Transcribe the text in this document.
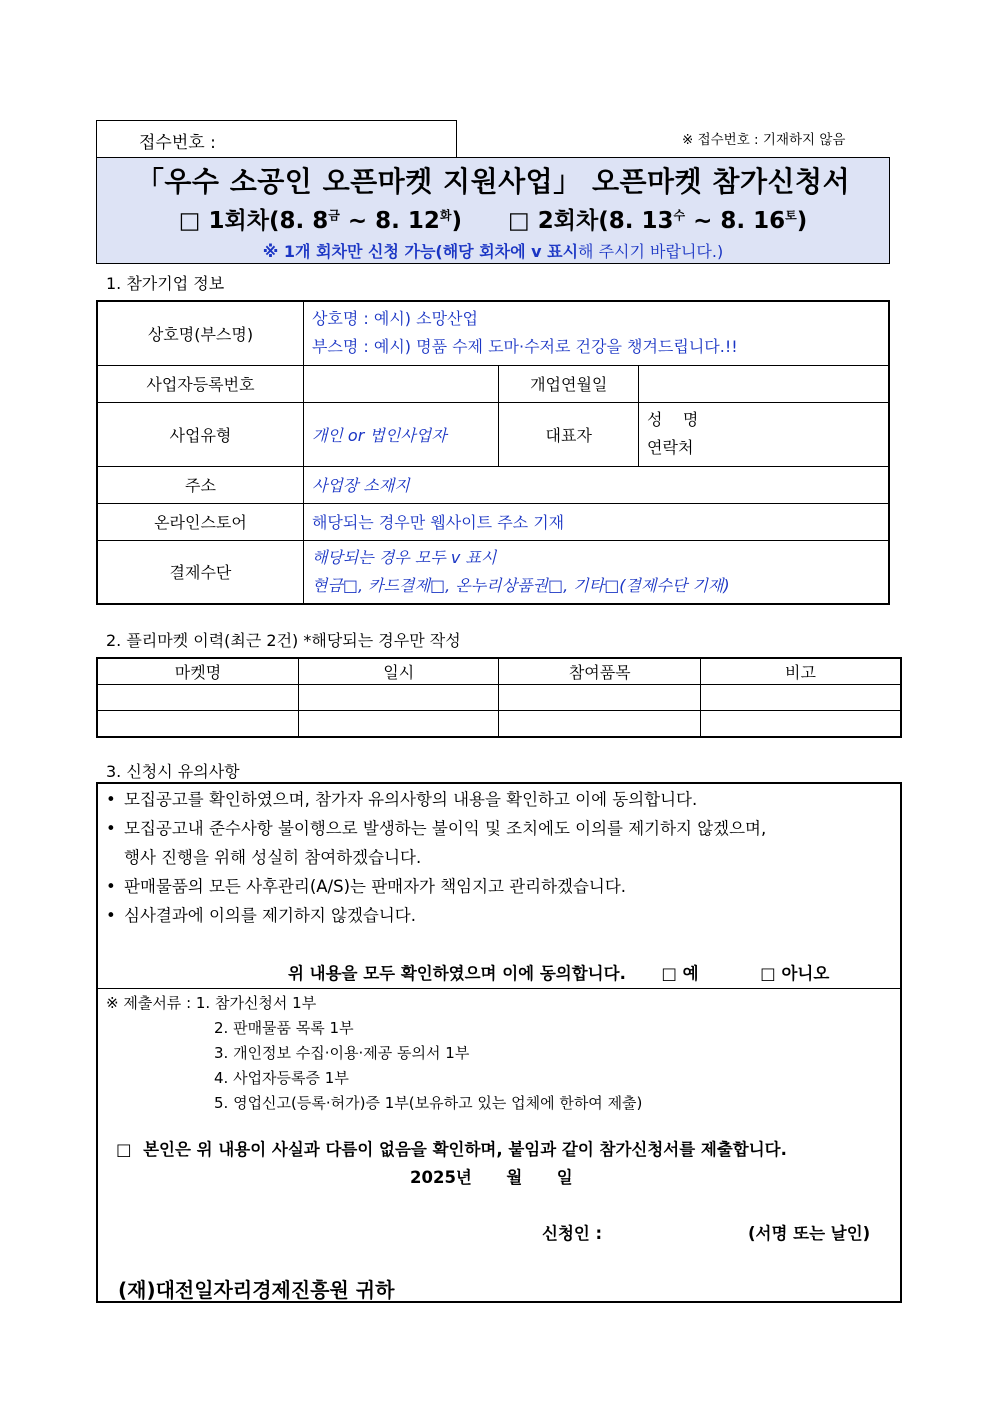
접수번호 :	※ 접수번호 : 기재하지 않음
「우수 소공인 오픈마켓 지원사업」 오픈마켓 참가신청서
□ 1회차(8. $8^금$ ~ 8. $12^화$) □ 2회차(8. $13^수$ ~ 8. $16^토$)
※ 1개 회차만 신청 가능(해당 회차에 v 표시해 주시기 바랍니다.)
1. 참가기업 정보
상호명(부스명)	상호명 : 예시) 소망산업
부스명 : 예시) 명품 수제 도마·수저로 건강을 챙겨드립니다.!!		

사업자등록번호		개업연월일	
사업유형	개인 or 법인사업자	대표자	성    명
연락처

주소	사업장 소재지		
온라인스토어	해당되는 경우만 웹사이트 주소 기재		
결제수단	해당되는 경우 모두 v 표시
현금□, 카드결제□, 온누리상품권□, 기타□(결제수단 기재)		
2. 플리마켓 이력(최근 2건) *해당되는 경우만 작성
마켓명	일시	참여품목	비고

3. 신청시 유의사항
• 모집공고를 확인하였으며, 참가자 유의사항의 내용을 확인하고 이에 동의합니다.
• 모집공고내 준수사항 불이행으로 발생하는 불이익 및 조치에도 이의를 제기하지 않겠으며,
행사 진행을 위해 성실히 참여하겠습니다.
• 판매물품의 모든 사후관리(A/S)는 판매자가 책임지고 관리하겠습니다.
• 심사결과에 이의를 제기하지 않겠습니다.
위 내용을 모두 확인하였으며 이에 동의합니다. □ 예	□ 아니오
※ 제출서류 : 1. 참가신청서 1부
2. 판매물품 목록 1부
3. 개인정보 수집·이용·제공 동의서 1부
4. 사업자등록증 1부
5. 영업신고(등록·허가)증 1부(보유하고 있는 업체에 한하여 제출)
□  본인은 위 내용이 사실과 다름이 없음을 확인하며, 붙임과 같이 참가신청서를 제출합니다.
2025년      월      일
신청인 :	(서명 또는 날인)
(재)대전일자리경제진흥원 귀하
